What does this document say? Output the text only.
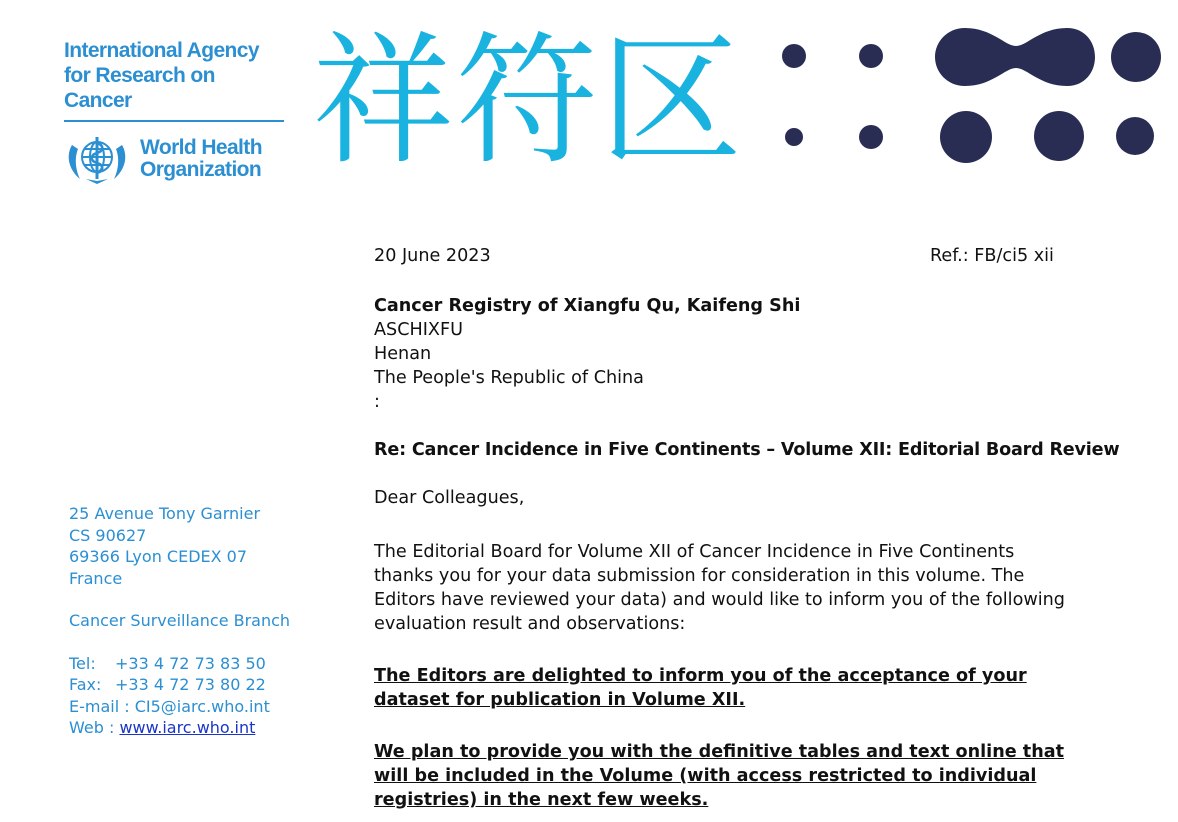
International Agency
for Research on Cancer
World Health
Organization 祥符区
25 Avenue Tony Garnier
CS 90627
69366 Lyon CEDEX 07
France
Cancer Surveillance Branch
Tel: +33 4 72 73 83 50
Fax: +33 4 72 73 80 22
E-mail : CI5@iarc.who.int
Web : www.iarc.who.int
20 June 2023	Ref.: FB/ci5 xii
Cancer Registry of Xiangfu Qu, Kaifeng Shi
ASCHIXFU
Henan
The People's Republic of China
:
Re: Cancer Incidence in Five Continents – Volume XII: Editorial Board Review
Dear Colleagues,
The Editorial Board for Volume XII of Cancer Incidence in Five Continents thanks you for your data submission for consideration in this volume. The Editors have reviewed your data) and would like to inform you of the following evaluation result and observations:
The Editors are delighted to inform you of the acceptance of your dataset for publication in Volume XII.
We plan to provide you with the definitive tables and text online that will be included in the Volume (with access restricted to individual registries) in the next few weeks.
